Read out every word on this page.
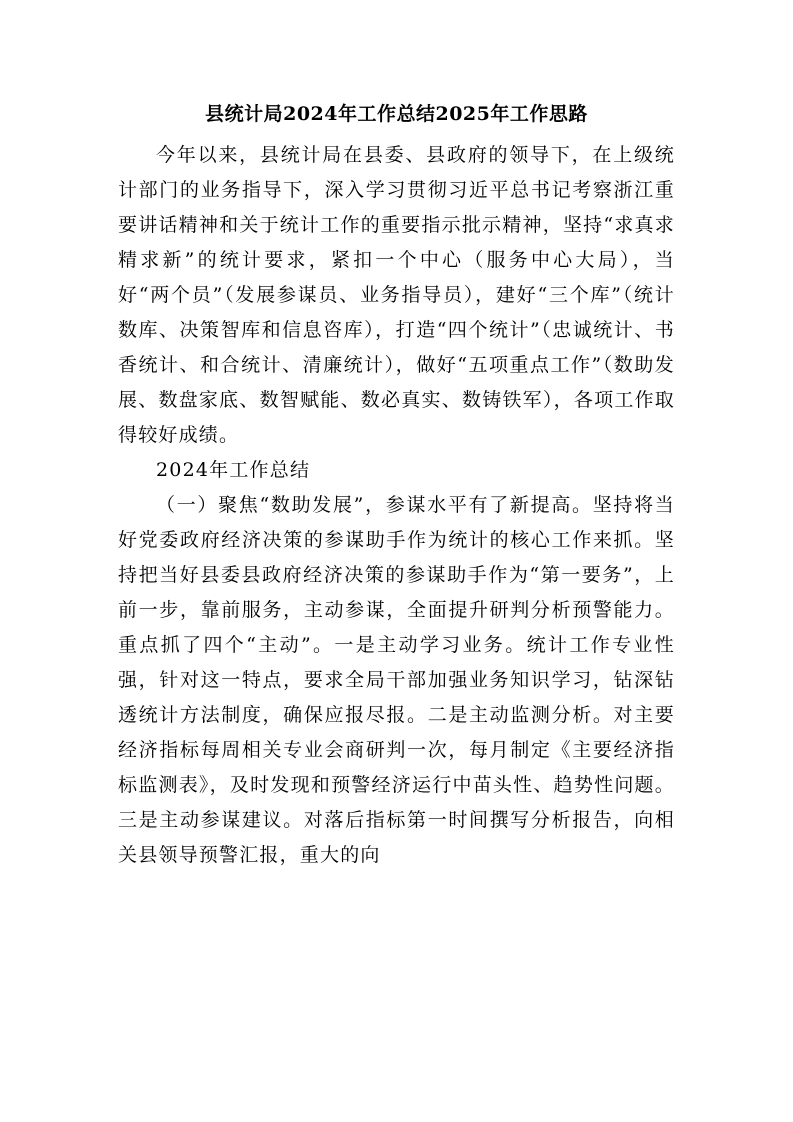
县统计局2024年工作总结2025年工作思路

今年以来，县统计局在县委、县政府的领导下，在上级统计部门的业务指导下，深入学习贯彻习近平总书记考察浙江重要讲话精神和关于统计工作的重要指示批示精神，坚持“求真求精求新”的统计要求，紧扣一个中心（服务中心大局），当好“两个员”（发展参谋员、业务指导员），建好“三个库”（统计数库、决策智库和信息咨库），打造“四个统计”（忠诚统计、书香统计、和合统计、清廉统计），做好“五项重点工作”（数助发展、数盘家底、数智赋能、数必真实、数铸铁军），各项工作取得较好成绩。

2024年工作总结

（一）聚焦“数助发展”，参谋水平有了新提高。坚持将当好党委政府经济决策的参谋助手作为统计的核心工作来抓。坚持把当好县委县政府经济决策的参谋助手作为“第一要务”，上前一步，靠前服务，主动参谋，全面提升研判分析预警能力。重点抓了四个“主动”。一是主动学习业务。统计工作专业性强，针对这一特点，要求全局干部加强业务知识学习，钻深钻透统计方法制度，确保应报尽报。二是主动监测分析。对主要经济指标每周相关专业会商研判一次，每月制定《主要经济指标监测表》，及时发现和预警经济运行中苗头性、趋势性问题。三是主动参谋建议。对落后指标第一时间撰写分析报告，向相关县领导预警汇报，重大的向
